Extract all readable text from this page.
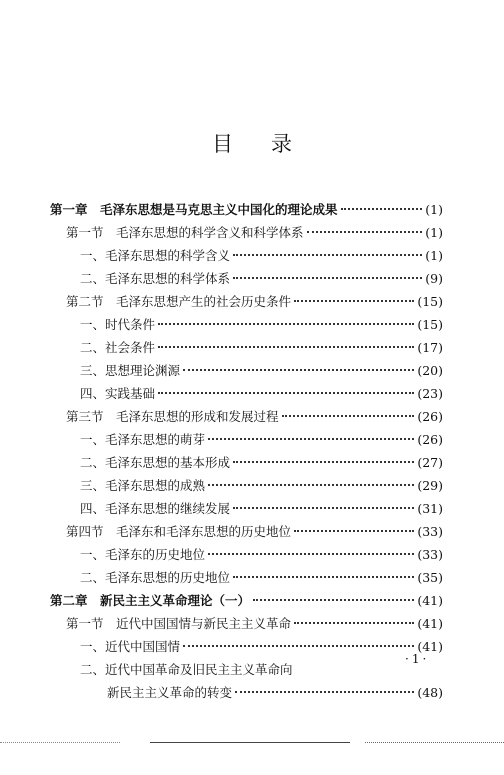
目录
第一章　毛泽东思想是马克思主义中国化的理论成果	(1)
第一节　毛泽东思想的科学含义和科学体系	(1)
一、毛泽东思想的科学含义	(1)
二、毛泽东思想的科学体系	(9)
第二节　毛泽东思想产生的社会历史条件	(15)
一、时代条件	(15)
二、社会条件	(17)
三、思想理论渊源	(20)
四、实践基础	(23)
第三节　毛泽东思想的形成和发展过程	(26)
一、毛泽东思想的萌芽	(26)
二、毛泽东思想的基本形成	(27)
三、毛泽东思想的成熟	(29)
四、毛泽东思想的继续发展	(31)
第四节　毛泽东和毛泽东思想的历史地位	(33)
一、毛泽东的历史地位	(33)
二、毛泽东思想的历史地位	(35)
第二章　新民主主义革命理论（一）	(41)
第一节　近代中国国情与新民主主义革命	(41)
一、近代中国国情	(41)
二、近代中国革命及旧民主主义革命向
新民主主义革命的转变	(48)
·1·
